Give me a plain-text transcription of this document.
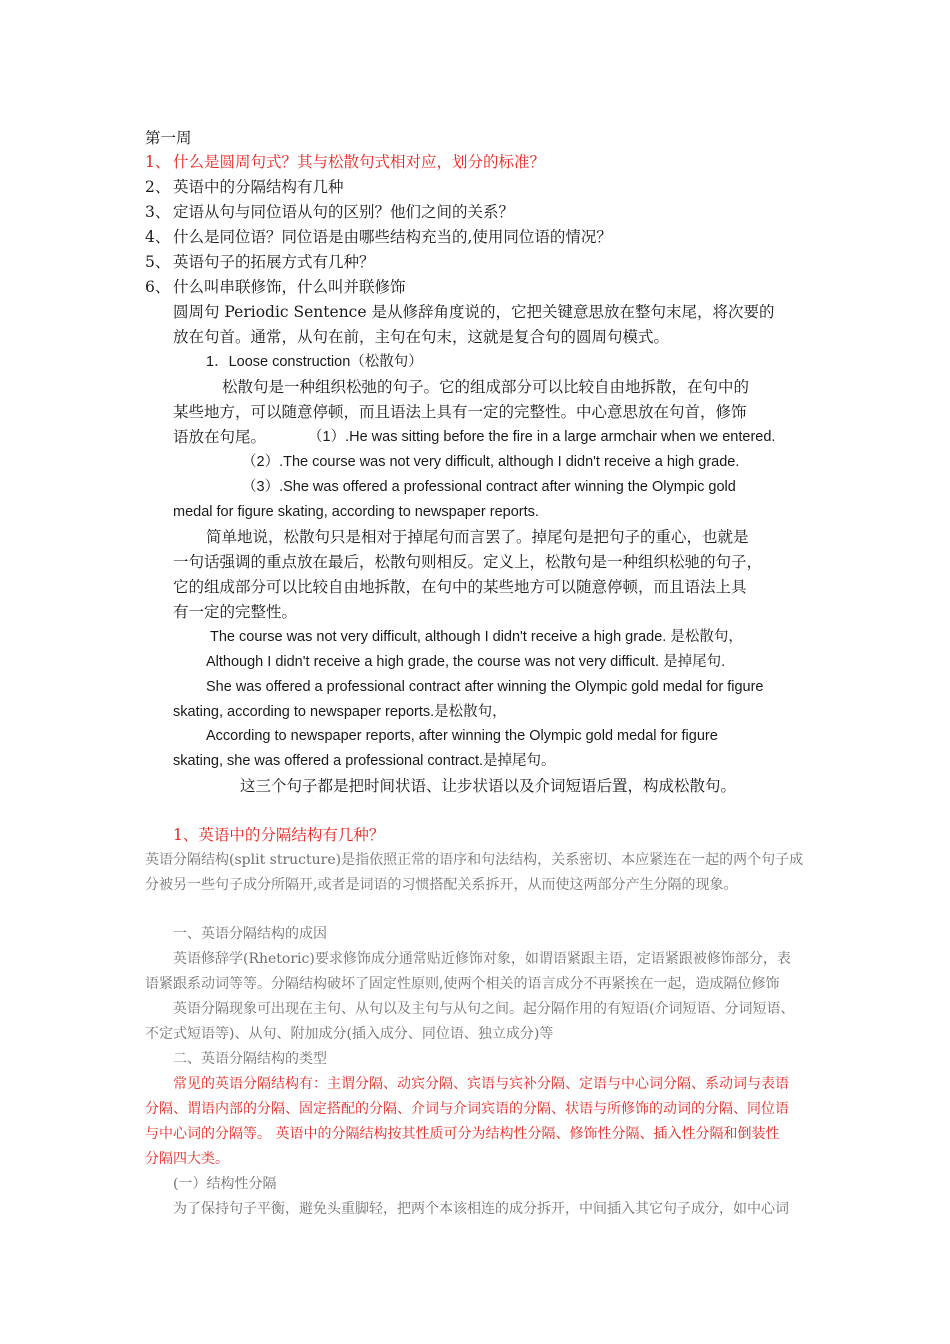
第一周
1、 什么是圆周句式？其与松散句式相对应，划分的标准？
2、 英语中的分隔结构有几种
3、 定语从句与同位语从句的区别？他们之间的关系？
4、 什么是同位语？同位语是由哪些结构充当的,使用同位语的情况？
5、 英语句子的拓展方式有几种？
6、 什么叫串联修饰，什么叫并联修饰
圆周句 Periodic Sentence 是从修辞角度说的，它把关键意思放在整句末尾，将次要的
放在句首。通常，从句在前，主句在句末，这就是复合句的圆周句模式。
1．Loose construction（松散句）
松散句是一种组织松弛的句子。它的组成部分可以比较自由地拆散，在句中的
某些地方，可以随意停顿，而且语法上具有一定的完整性。中心意思放在句首，修饰
语放在句尾。	（1）.He was sitting before the fire in a large armchair when we entered.
（2）.The course was not very difficult, although I didn't receive a high grade.
（3）.She was offered a professional contract after winning the Olympic gold
medal for figure skating, according to newspaper reports.
简单地说，松散句只是相对于掉尾句而言罢了。掉尾句是把句子的重心，也就是
一句话强调的重点放在最后，松散句则相反。定义上，松散句是一种组织松驰的句子，
它的组成部分可以比较自由地拆散，在句中的某些地方可以随意停顿，而且语法上具
有一定的完整性。
The course was not very difficult, although I didn't receive a high grade. 是松散句，
Although I didn't receive a high grade, the course was not very difficult. 是掉尾句.
She was offered a professional contract after winning the Olympic gold medal for figure
skating, according to newspaper reports.是松散句，
According to newspaper reports, after winning the Olympic gold medal for figure
skating, she was offered a professional contract.是掉尾句。
这三个句子都是把时间状语、让步状语以及介词短语后置，构成松散句。
1、英语中的分隔结构有几种？
英语分隔结构(split structure)是指依照正常的语序和句法结构，关系密切、本应紧连在一起的两个句子成
分被另一些句子成分所隔开,或者是词语的习惯搭配关系拆开，从而使这两部分产生分隔的现象。
一、英语分隔结构的成因
英语修辞学(Rhetoric)要求修饰成分通常贴近修饰对象，如谓语紧跟主语，定语紧跟被修饰部分，表
语紧跟系动词等等。分隔结构破坏了固定性原则,使两个相关的语言成分不再紧挨在一起，造成隔位修饰
英语分隔现象可出现在主句、从句以及主句与从句之间。起分隔作用的有短语(介词短语、分词短语、
不定式短语等)、从句、附加成分(插入成分、同位语、独立成分)等
二、英语分隔结构的类型
常见的英语分隔结构有：主谓分隔、动宾分隔、宾语与宾补分隔、定语与中心词分隔、系动词与表语
分隔、谓语内部的分隔、固定搭配的分隔、介词与介词宾语的分隔、状语与所修饰的动词的分隔、同位语
与中心词的分隔等。 英语中的分隔结构按其性质可分为结构性分隔、修饰性分隔、插入性分隔和倒装性
分隔四大类。
(一）结构性分隔
为了保持句子平衡，避免头重脚轻，把两个本该相连的成分拆开，中间插入其它句子成分，如中心词
